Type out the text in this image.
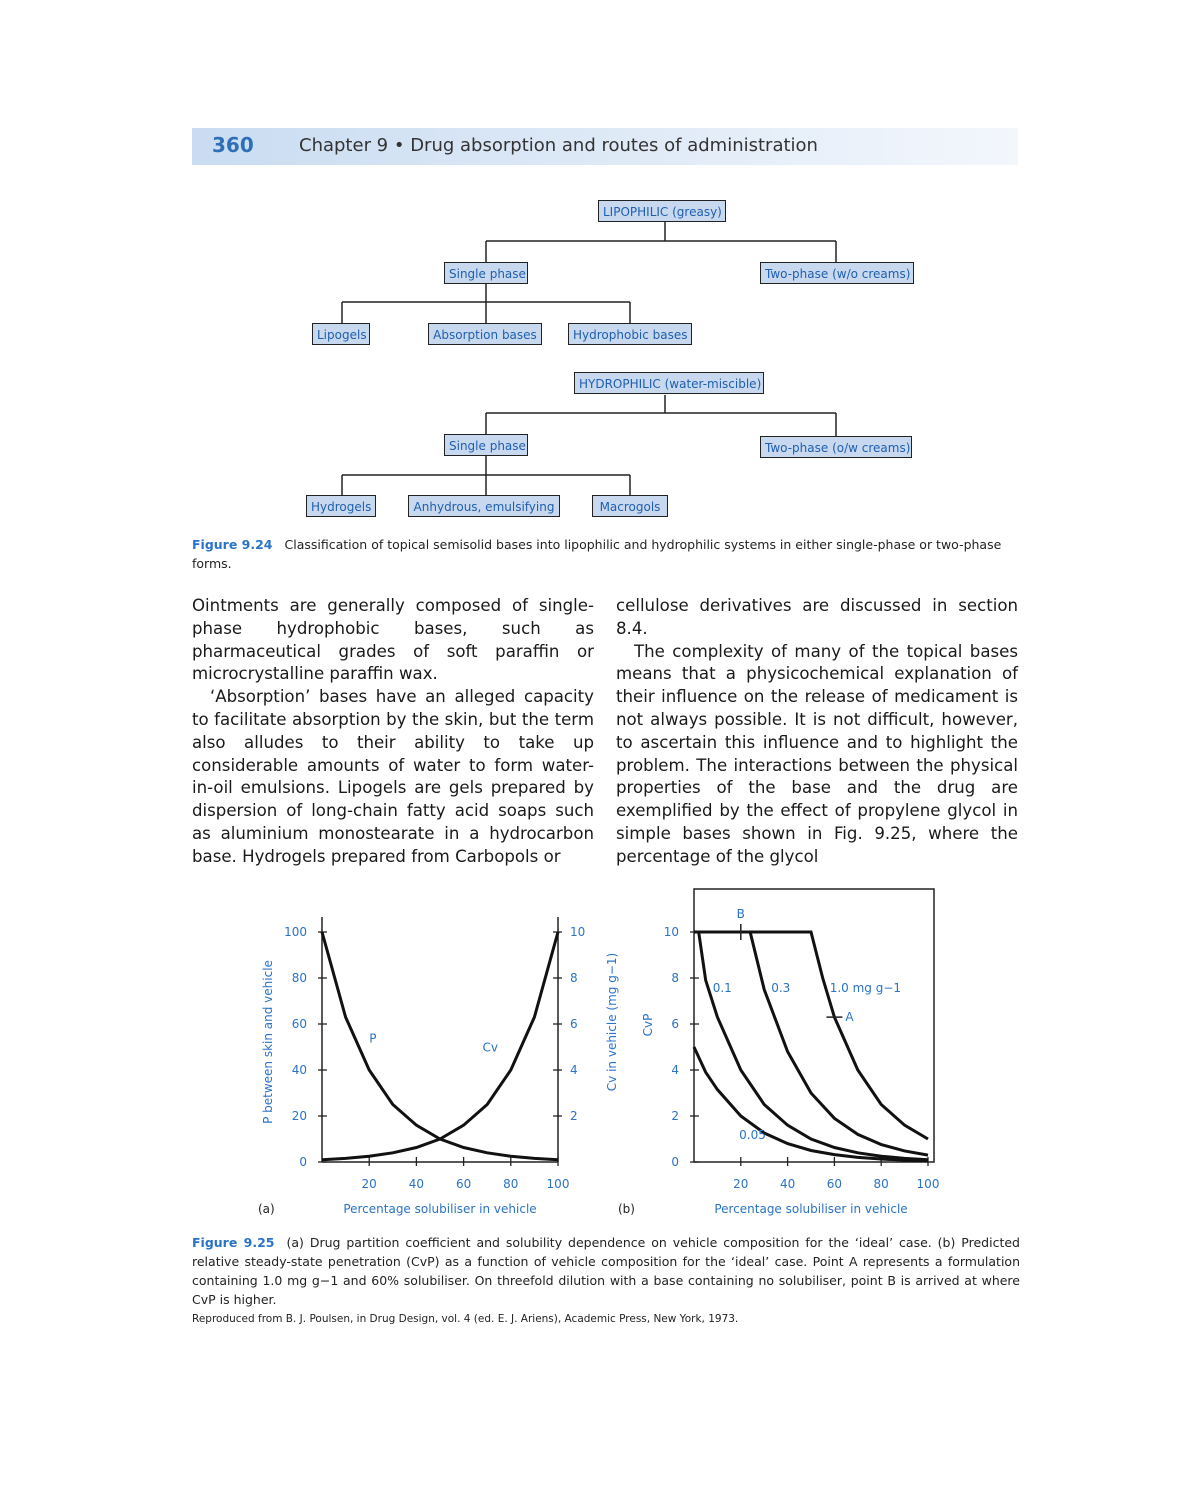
360	Chapter 9 • Drug absorption and routes of administration
LIPOPHILIC (greasy)
Single phase	Two-phase (w/o creams)
Lipogels	Absorption bases	Hydrophobic bases
HYDROPHILIC (water-miscible)
Single phase	Two-phase (o/w creams)
Hydrogels	Anhydrous, emulsifying	Macrogols
Figure 9.24 Classification of topical semisolid bases into lipophilic and hydrophilic systems in either single-phase or two-phase forms.

Ointments are generally composed of single-phase hydrophobic bases, such as pharmaceutical grades of soft paraffin or microcrystalline paraffin wax.

‘Absorption’ bases have an alleged capacity to facilitate absorption by the skin, but the term also alludes to their ability to take up considerable amounts of water to form water-in-oil emulsions. Lipogels are gels prepared by dispersion of long-chain fatty acid soaps such as aluminium monostearate in a hydrocarbon base. Hydrogels prepared from Carbopols or

cellulose derivatives are discussed in section 8.4.

The complexity of many of the topical bases means that a physicochemical explanation of their influence on the release of medicament is not always possible. It is not difficult, however, to ascertain this influence and to highlight the problem. The interactions between the physical properties of the base and the drug are exemplified by the effect of propylene glycol in simple bases shown in Fig. 9.25, where the percentage of the glycol

0
20
40
60
80
100
2
4
6
8
10
20	40	60	80 100
P
Cv
Percentage solubiliser in vehicle
P between skin and vehicle	Cv in vehicle (mg g−1)
(a)
0
2
4
6
8
10
20	40	60	80 100
0.05
0.1	0.3	1.0 mg g−1
A
B
Percentage solubiliser in vehicle
CvP
(b)
Figure 9.25 (a) Drug partition coefficient and solubility dependence on vehicle composition for the ‘ideal’ case. (b) Predicted relative steady-state penetration (CvP) as a function of vehicle composition for the ‘ideal’ case. Point A represents a formulation containing 1.0 mg g−1 and 60% solubiliser. On threefold dilution with a base containing no solubiliser, point B is arrived at where CvP is higher.
Reproduced from B. J. Poulsen, in Drug Design, vol. 4 (ed. E. J. Ariens), Academic Press, New York, 1973.
